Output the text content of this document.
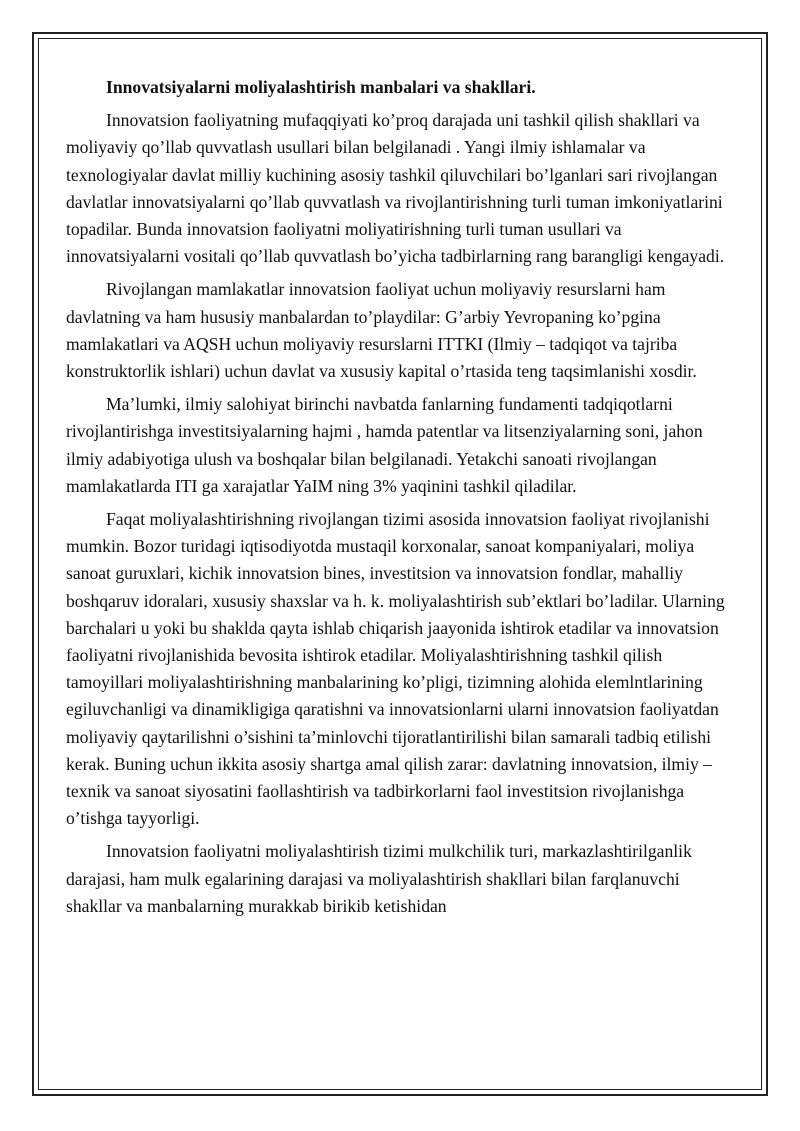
Innovatsiyalarni moliyalashtirish manbalari va shakllari.

Innovatsion faoliyatning mufaqqiyati ko’proq darajada uni tashkil qilish shakllari va moliyaviy qo’llab quvvatlash usullari bilan belgilanadi . Yangi ilmiy ishlamalar va texnologiyalar davlat milliy kuchining asosiy tashkil qiluvchilari bo’lganlari sari rivojlangan davlatlar innovatsiyalarni qo’llab quvvatlash va rivojlantirishning turli tuman imkoniyatlarini topadilar. Bunda innovatsion faoliyatni moliyatirishning turli tuman usullari va innovatsiyalarni vositali qo’llab quvvatlash bo’yicha tadbirlarning rang barangligi kengayadi.

Rivojlangan mamlakatlar innovatsion faoliyat uchun moliyaviy resurslarni ham davlatning va ham hususiy manbalardan to’playdilar: G’arbiy Yevropaning ko’pgina mamlakatlari va AQSH uchun moliyaviy resurslarni ITTKI (Ilmiy – tadqiqot va tajriba konstruktorlik ishlari) uchun davlat va xususiy kapital o’rtasida teng taqsimlanishi xosdir.

Ma’lumki, ilmiy salohiyat birinchi navbatda fanlarning fundamenti tadqiqotlarni rivojlantirishga investitsiyalarning hajmi , hamda patentlar va litsenziyalarning soni, jahon ilmiy adabiyotiga ulush va boshqalar bilan belgilanadi. Yetakchi sanoati rivojlangan mamlakatlarda ITI ga xarajatlar YaIM ning 3% yaqinini tashkil qiladilar.

Faqat moliyalashtirishning rivojlangan tizimi asosida innovatsion faoliyat rivojlanishi mumkin. Bozor turidagi iqtisodiyotda mustaqil korxonalar, sanoat kompaniyalari, moliya sanoat guruxlari, kichik innovatsion bines, investitsion va innovatsion fondlar, mahalliy boshqaruv idoralari, xususiy shaxslar va h. k. moliyalashtirish sub’ektlari bo’ladilar. Ularning barchalari u yoki bu shaklda qayta ishlab chiqarish jaayonida ishtirok etadilar va innovatsion faoliyatni rivojlanishida bevosita ishtirok etadilar. Moliyalashtirishning tashkil qilish tamoyillari moliyalashtirishning manbalarining ko’pligi, tizimning alohida elemlntlarining egiluvchanligi va dinamikligiga qaratishni va innovatsionlarni ularni innovatsion faoliyatdan moliyaviy qaytarilishni o’sishini ta’minlovchi tijoratlantirilishi bilan samarali tadbiq etilishi kerak. Buning uchun ikkita asosiy shartga amal qilish zarar: davlatning innovatsion, ilmiy – texnik va sanoat siyosatini faollashtirish va tadbirkorlarni faol investitsion rivojlanishga o’tishga tayyorligi.

Innovatsion faoliyatni moliyalashtirish tizimi mulkchilik turi, markazlashtirilganlik darajasi, ham mulk egalarining darajasi va moliyalashtirish shakllari bilan farqlanuvchi shakllar va manbalarning murakkab birikib ketishidan
